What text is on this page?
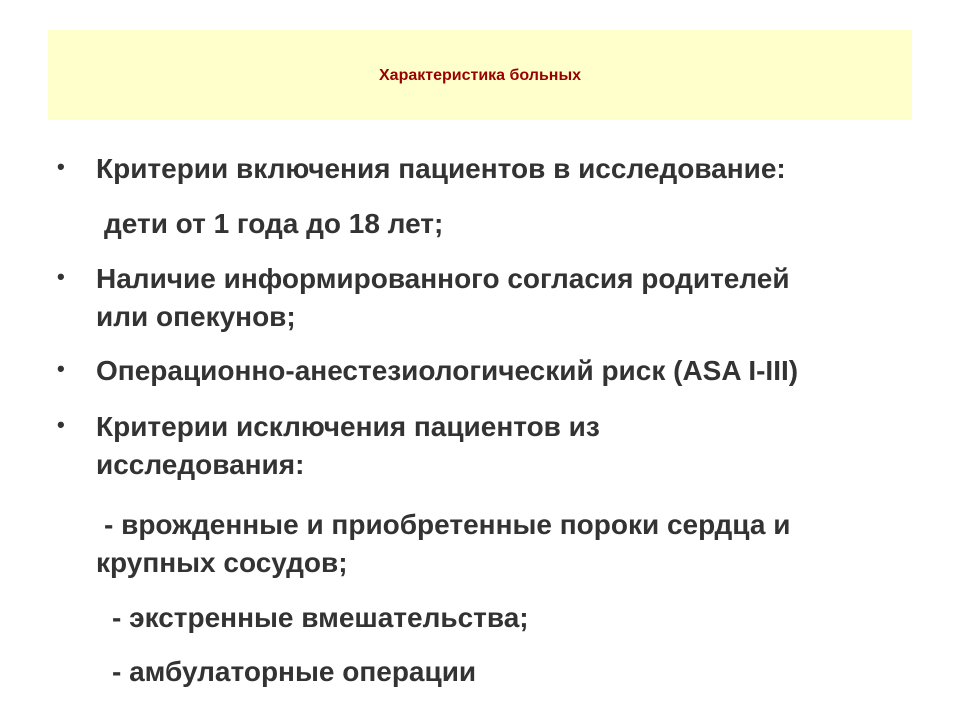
Характеристика больных
•
•
•
•
Критерии включения пациентов в исследование:
дети от 1 года до 18 лет;
Наличие информированного согласия родителей
или опекунов;
Операционно-анестезиологический риск (ASA I-III)
Критерии исключения пациентов из
исследования:
- врожденные и приобретенные пороки сердца и
крупных сосудов;
- экстренные вмешательства;
- амбулаторные операции
